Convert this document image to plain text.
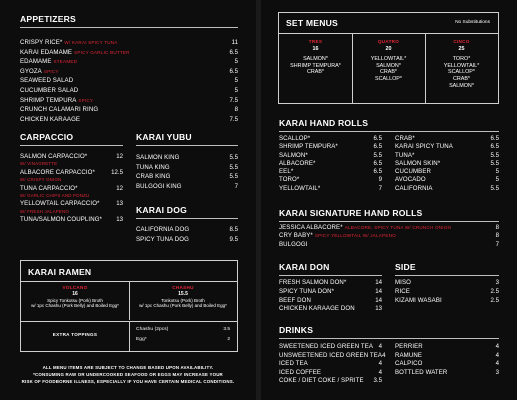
APPETIZERS
CRISPY RICE* W/ KARAI SPICY TUNA	11
KARAI EDAMAME SPICY GARLIC BUTTER	6.5
EDAMAME STEAMED	5
GYOZA SPICY	6.5
SEAWEED SALAD	5
CUCUMBER SALAD	5
SHRIMP TEMPURA SPICY	7.5
CRUNCH CALAMARI RING	8
CHICKEN KARAAGE	7.5
CARPACCIO
SALMON CARPACCIO*	12
W/ VINAGRETTE
ALBACORE CARPACCIO*	12.5
W/ CRISPY ONION
TUNA CARPACCIO*	12
W/ GARLIC CHIPS AND PONZU
YELLOWTAIL CARPACCIO*	13
W/ FRESH JALAPENO
TUNA/SALMON COUPLING* 13
KARAI YUBU
SALMON KING	5.5
TUNA KING	5.5
CRAB KING	5.5
BULGOGI KING	7
KARAI DOG
CALIFORNIA DOG	8.5
SPICY TUNA DOG	9.5
KARAI RAMEN
VOLCANO
16
Spicy Tonkotsu (Pork) Broth
w/ 1pc Chashu (Pork Belly) and Boiled Egg*
CHASHU
15.5
Tonkotsu (Pork) Broth
w/ 1pc Chashu (Pork Belly) and Boiled Egg*
EXTRA TOPPINGS
Chashu (2pcs)	3.5
Egg*	2
ALL MENU ITEMS ARE SUBJECT TO CHANGE BASED UPON AVAILABILITY.
*CONSUMING RAW OR UNDERCOOKED SEAFOOD OR EGGS MAY INCREASE YOUR
RISK OF FOODBORNE ILLNESS, ESPECIALLY IF YOU HAVE CERTAIN MEDICAL CONDITIONS.
SET MENUS	No Substitutions
TRES
16
SALMON*
SHRIMP TEMPURA*
CRAB*
QUATRO
20
YELLOWTAIL*
SALMON*
CRAB*
SCALLOP*
CINCO
25
TORO*
YELLOWTAIL*
SCALLOP*
CRAB*
SALMON*
KARAI HAND ROLLS
SCALLOP*	6.5
SHRIMP TEMPURA*	6.5
SALMON*	5.5
ALBACORE*	6.5
EEL*	6.5
TORO*	9
YELLOWTAIL*	7
CRAB*	6.5
KARAI SPICY TUNA	6.5
TUNA*	5.5
SALMON SKIN*	5.5
CUCUMBER	5
AVOCADO	5
CALIFORNIA	5.5
KARAI SIGNATURE HAND ROLLS
JESSICA ALBACORE* ALBACORE, SPICY TUNA W/ CRUNCH ONION	8
CRY BABY* SPICY YELLOWTAIL W/ JALAPENO	8
BULGOGI	7
KARAI DON
FRESH SALMON DON*	14
SPICY TUNA DON*	14
BEEF DON	14
CHICKEN KARAAGE DON	13
SIDE
MISO	3
RICE	2.5
KIZAMI WASABI	2.5
DRINKS
SWEETENED ICED GREEN TEA 4
UNSWEETENED ICED GREEN TEA 4
ICED TEA	4
ICED COFFEE	4
COKE / DIET COKE / SPRITE 3.5
PERRIER	4
RAMUNE	4
CALPICO	4
BOTTLED WATER	3
